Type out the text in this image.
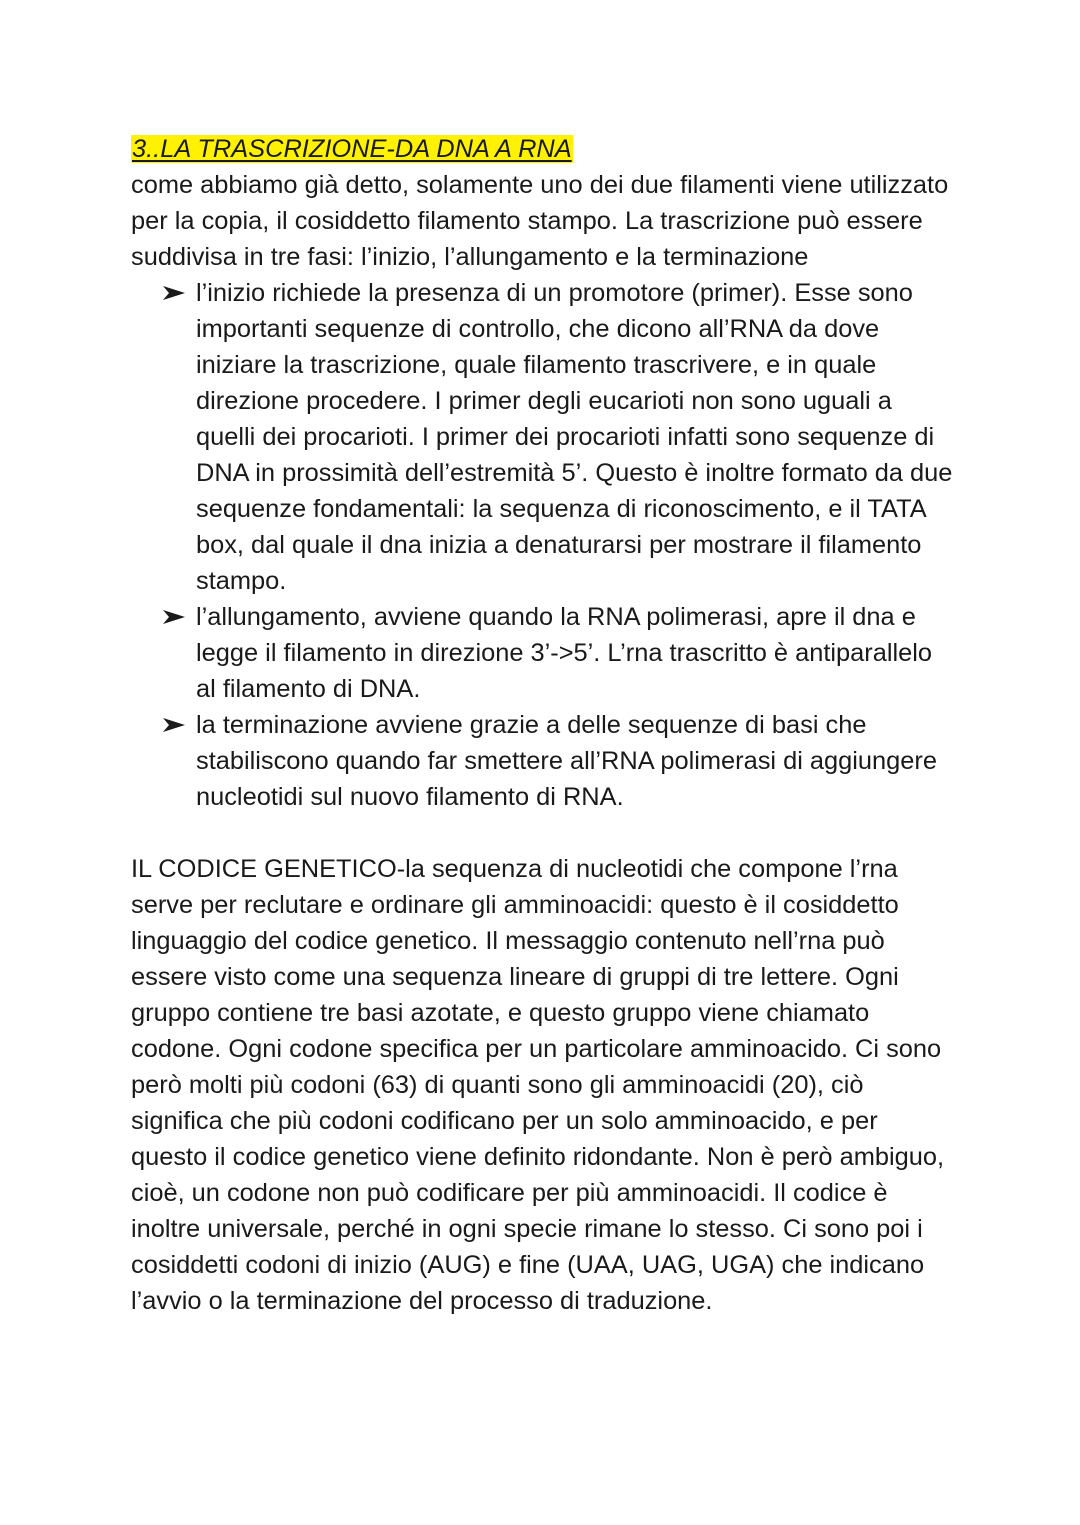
3..LA TRASCRIZIONE-DA DNA A RNA

come abbiamo già detto, solamente uno dei due filamenti viene utilizzato per la copia, il cosiddetto filamento stampo. La trascrizione può essere suddivisa in tre fasi: l’inizio, l’allungamento e la terminazione

l’inizio richiede la presenza di un promotore (primer). Esse sono importanti sequenze di controllo, che dicono all’RNA da dove iniziare la trascrizione, quale filamento trascrivere, e in quale direzione procedere. I primer degli eucarioti non sono uguali a quelli dei procarioti. I primer dei procarioti infatti sono sequenze di DNA in prossimità dell’estremità 5’. Questo è inoltre formato da due sequenze fondamentali: la sequenza di riconoscimento, e il TATA box, dal quale il dna inizia a denaturarsi per mostrare il filamento stampo.
l’allungamento, avviene quando la RNA polimerasi, apre il dna e legge il filamento in direzione 3’->5’. L’rna trascritto è antiparallelo al filamento di DNA.
la terminazione avviene grazie a delle sequenze di basi che stabiliscono quando far smettere all’RNA polimerasi di aggiungere nucleotidi sul nuovo filamento di RNA.

IL CODICE GENETICO-la sequenza di nucleotidi che compone l’rna serve per reclutare e ordinare gli amminoacidi: questo è il cosiddetto linguaggio del codice genetico. Il messaggio contenuto nell’rna può essere visto come una sequenza lineare di gruppi di tre lettere. Ogni gruppo contiene tre basi azotate, e questo gruppo viene chiamato codone. Ogni codone specifica per un particolare amminoacido. Ci sono però molti più codoni (63) di quanti sono gli amminoacidi (20), ciò significa che più codoni codificano per un solo amminoacido, e per questo il codice genetico viene definito ridondante. Non è però ambiguo, cioè, un codone non può codificare per più amminoacidi. Il codice è inoltre universale, perché in ogni specie rimane lo stesso. Ci sono poi i cosiddetti codoni di inizio (AUG) e fine (UAA, UAG, UGA) che indicano l’avvio o la terminazione del processo di traduzione.
